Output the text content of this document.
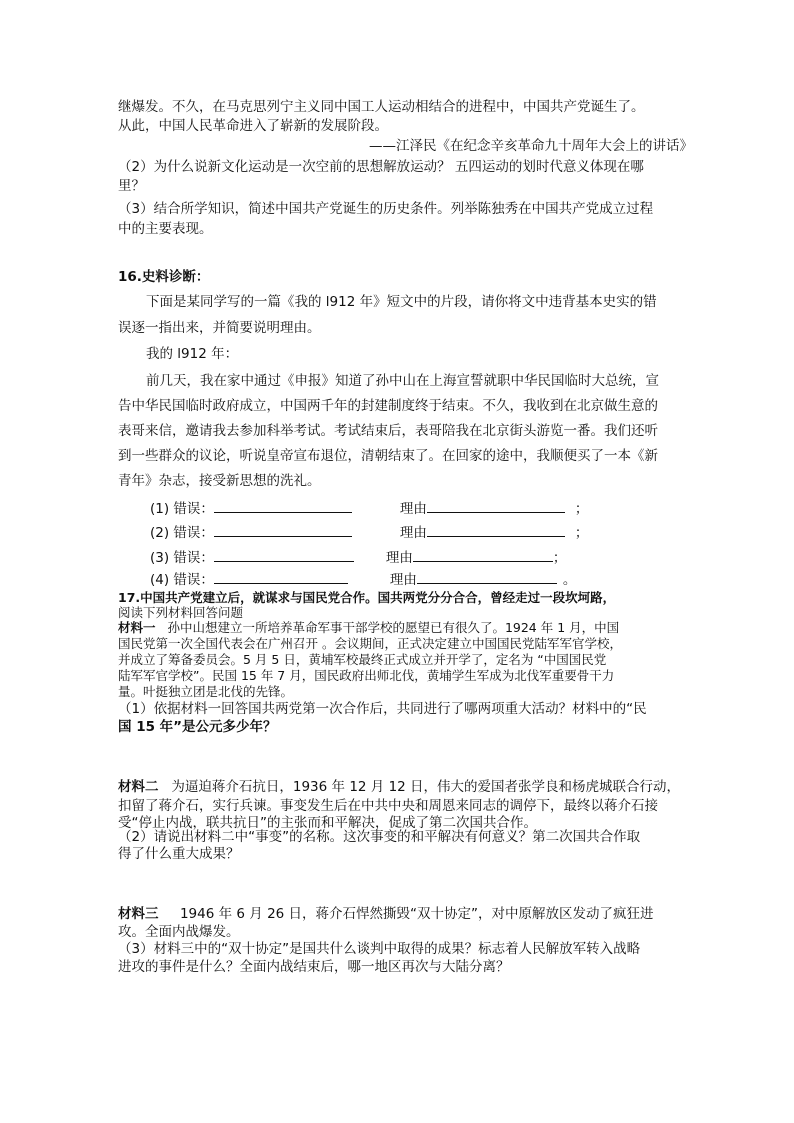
继爆发。不久，在马克思列宁主义同中国工人运动相结合的进程中，中国共产党诞生了。
从此，中国人民革命进入了崭新的发展阶段。
——江泽民《在纪念辛亥革命九十周年大会上的讲话》
（2）为什么说新文化运动是一次空前的思想解放运动？ 五四运动的划时代意义体现在哪
里？
（3）结合所学知识，简述中国共产党诞生的历史条件。列举陈独秀在中国共产党成立过程
中的主要表现。
16.史料诊断：
下面是某同学写的一篇《我的 l912 年》短文中的片段，请你将文中违背基本史实的错
误逐一指出来，并简要说明理由。
我的 l912 年：
前几天，我在家中通过《申报》知道了孙中山在上海宣誓就职中华民国临时大总统，宣
告中华民国临时政府成立，中国两千年的封建制度终于结束。不久，我收到在北京做生意的
表哥来信，邀请我去参加科举考试。考试结束后，表哥陪我在北京街头游览一番。我们还听
到一些群众的议论，听说皇帝宣布退位，清朝结束了。在回家的途中，我顺便买了一本《新
青年》杂志，接受新思想的洗礼。
(1) 错误：	理由	；
(2) 错误：	理由	；
(3) 错误：	理由	；
(4) 错误：	理由	。
17.中国共产党建立后，就谋求与国民党合作。国共两党分分合合，曾经走过一段坎坷路，
阅读下列材料回答问题
材料一 孙中山想建立一所培养革命军事干部学校的愿望已有很久了。1924 年 1 月，中国
国民党第一次全国代表会在广州召开 。会议期间，正式决定建立中国国民党陆军军官学校，
并成立了筹备委员会。5 月 5 日，黄埔军校最终正式成立并开学了，定名为 “中国国民党
陆军军官学校”。民国 15 年 7 月，国民政府出师北伐，黄埔学生军成为北伐军重要骨干力
量。叶挺独立团是北伐的先锋。
（1）依据材料一回答国共两党第一次合作后，共同进行了哪两项重大活动？材料中的“民
国 15 年”是公元多少年？
材料二 为逼迫蒋介石抗日，1936 年 12 月 12 日，伟大的爱国者张学良和杨虎城联合行动，
扣留了蒋介石，实行兵谏。事变发生后在中共中央和周恩来同志的调停下，最终以蒋介石接
受“停止内战，联共抗日”的主张而和平解决，促成了第二次国共合作。
（2）请说出材料二中“事变”的名称。这次事变的和平解决有何意义？第二次国共合作取
得了什么重大成果？
材料三 1946 年 6 月 26 日，蒋介石悍然撕毁“双十协定”，对中原解放区发动了疯狂进
攻。全面内战爆发。
（3）材料三中的“双十协定”是国共什么谈判中取得的成果？标志着人民解放军转入战略
进攻的事件是什么？全面内战结束后，哪一地区再次与大陆分离？
